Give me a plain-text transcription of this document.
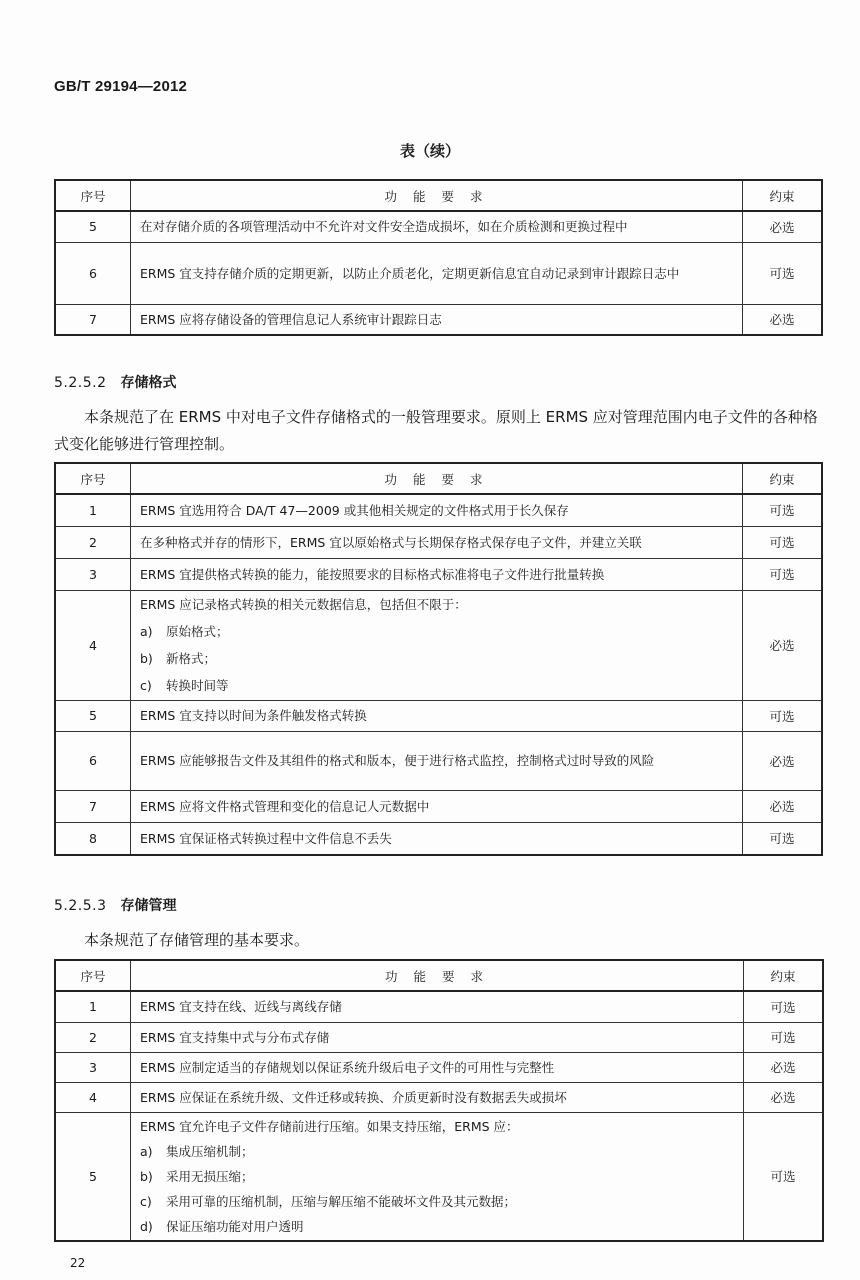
GB/T 29194—2012
表（续）
序号	功 能 要 求	约束
5	在对存储介质的各项管理活动中不允许对文件安全造成损坏，如在介质检测和更换过程中	必选
6	ERMS 宜支持存储介质的定期更新，以防止介质老化，定期更新信息宜自动记录到审计跟踪日志中	可选
7	ERMS 应将存储设备的管理信息记人系统审计跟踪日志	必选
5.2.5.2 存储格式
本条规范了在 ERMS 中对电子文件存储格式的一般管理要求。原则上 ERMS 应对管理范围内电子文件的各种格式变化能够进行管理控制。
序号	功 能 要 求	约束
1	ERMS 宜选用符合 DA/T 47—2009 或其他相关规定的文件格式用于长久保存	可选
2	在多种格式并存的情形下，ERMS 宜以原始格式与长期保存格式保存电子文件，并建立关联	可选
3	ERMS 宜提供格式转换的能力，能按照要求的目标格式标准将电子文件进行批量转换	可选
4	ERMS 应记录格式转换的相关元数据信息，包括但不限于：
a) 原始格式；
b) 新格式；
c) 转换时间等	必选
5	ERMS 宜支持以时间为条件触发格式转换	可选
6	ERMS 应能够报告文件及其组件的格式和版本，便于进行格式监控，控制格式过时导致的风险	必选
7	ERMS 应将文件格式管理和变化的信息记人元数据中	必选
8	ERMS 宜保证格式转换过程中文件信息不丢失	可选
5.2.5.3 存储管理
本条规范了存储管理的基本要求。
序号	功 能 要 求	约束
1	ERMS 宜支持在线、近线与离线存储	可选
2	ERMS 宜支持集中式与分布式存储	可选
3	ERMS 应制定适当的存储规划以保证系统升级后电子文件的可用性与完整性	必选
4	ERMS 应保证在系统升级、文件迁移或转换、介质更新时没有数据丢失或损坏	必选
5	ERMS 宜允许电子文件存储前进行压缩。如果支持压缩，ERMS 应：
a) 集成压缩机制；
b) 采用无损压缩；
c) 采用可靠的压缩机制，压缩与解压缩不能破坏文件及其元数据；
d) 保证压缩功能对用户透明	可选
22
